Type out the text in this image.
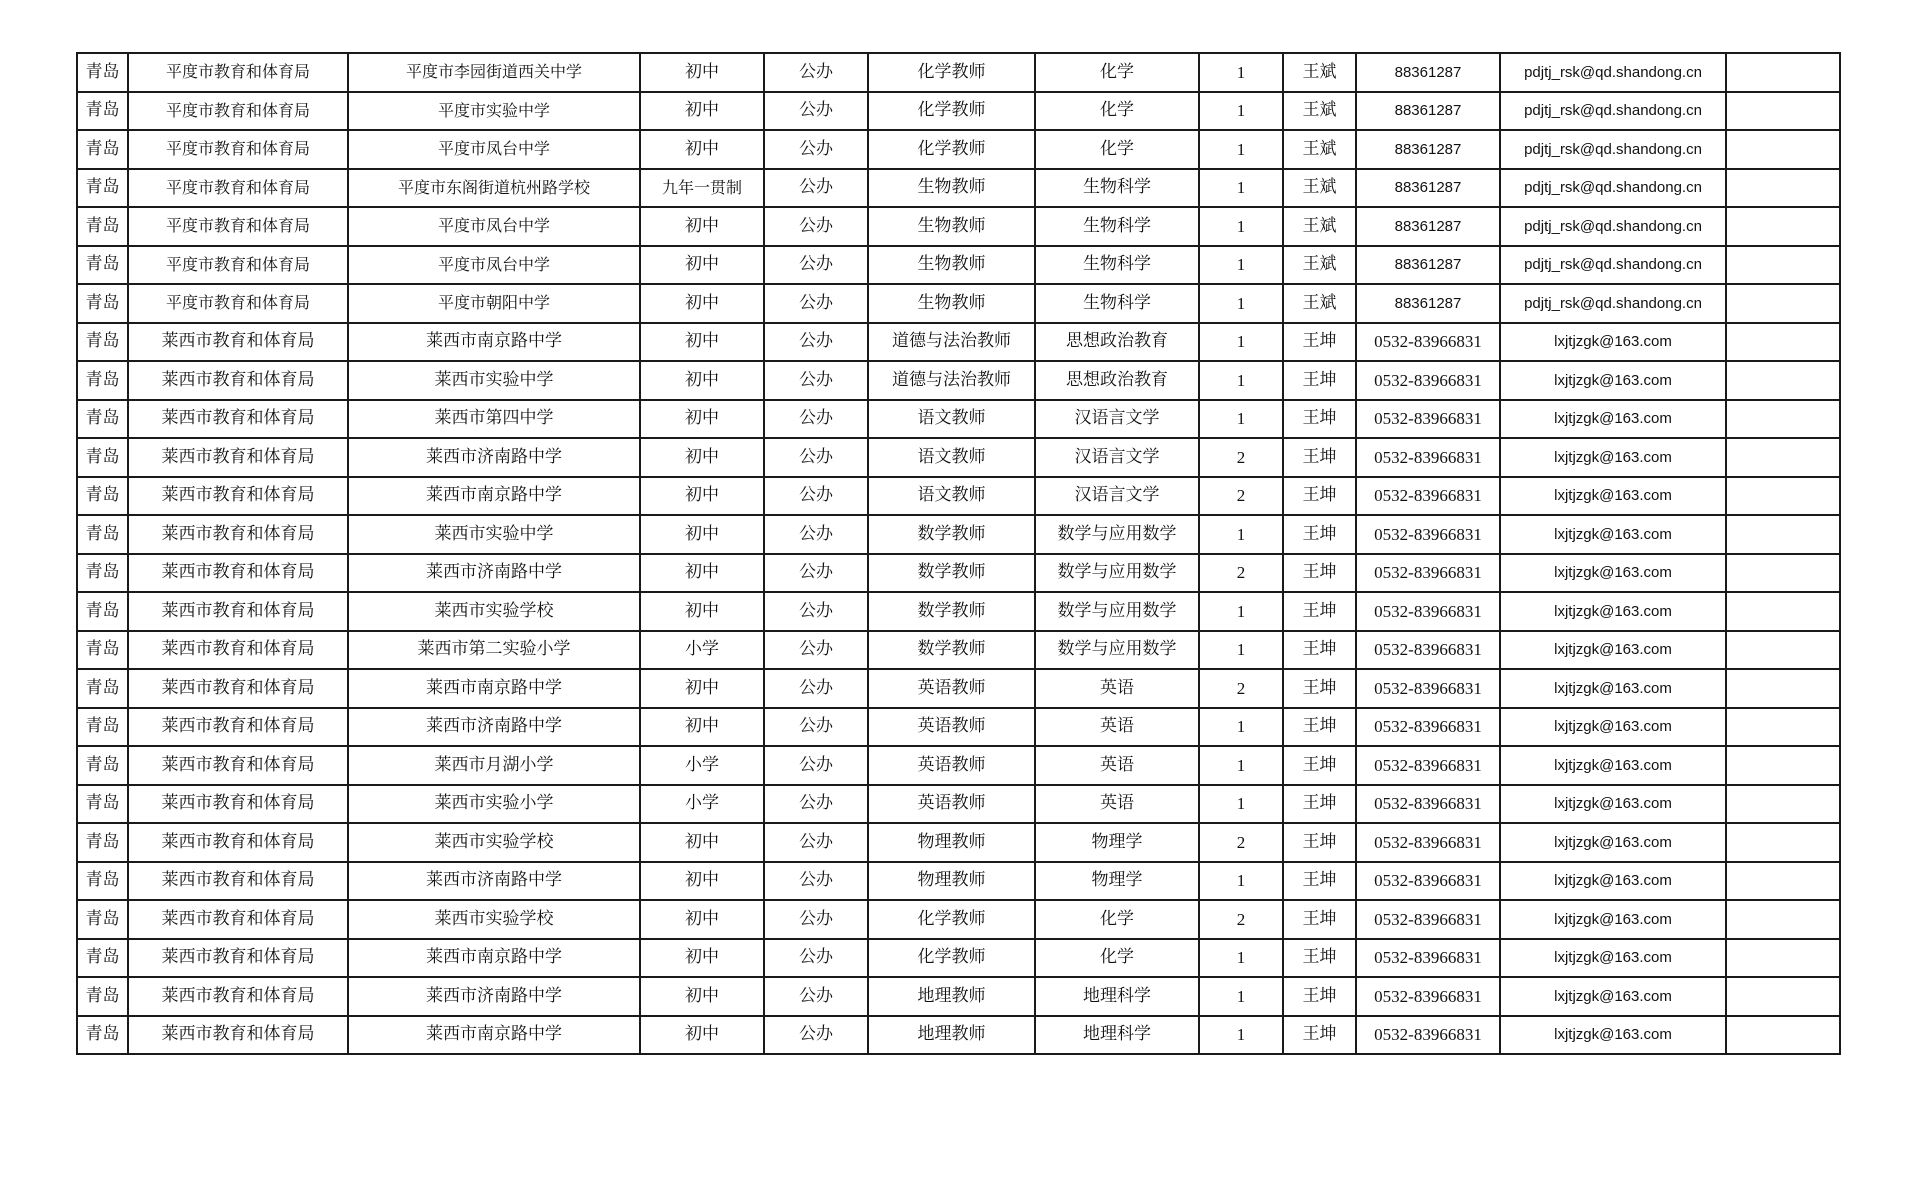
青岛	平度市教育和体育局	平度市李园街道西关中学	初中	公办	化学教师	化学	1	王斌	88361287	pdjtj_rsk@qd.shandong.cn	
青岛	平度市教育和体育局	平度市实验中学	初中	公办	化学教师	化学	1	王斌	88361287	pdjtj_rsk@qd.shandong.cn	
青岛	平度市教育和体育局	平度市凤台中学	初中	公办	化学教师	化学	1	王斌	88361287	pdjtj_rsk@qd.shandong.cn	
青岛	平度市教育和体育局	平度市东阁街道杭州路学校	九年一贯制	公办	生物教师	生物科学	1	王斌	88361287	pdjtj_rsk@qd.shandong.cn	
青岛	平度市教育和体育局	平度市凤台中学	初中	公办	生物教师	生物科学	1	王斌	88361287	pdjtj_rsk@qd.shandong.cn	
青岛	平度市教育和体育局	平度市凤台中学	初中	公办	生物教师	生物科学	1	王斌	88361287	pdjtj_rsk@qd.shandong.cn	
青岛	平度市教育和体育局	平度市朝阳中学	初中	公办	生物教师	生物科学	1	王斌	88361287	pdjtj_rsk@qd.shandong.cn	
青岛	莱西市教育和体育局	莱西市南京路中学	初中	公办	道德与法治教师	思想政治教育	1	王坤	0532-83966831	lxjtjzgk@163.com	
青岛	莱西市教育和体育局	莱西市实验中学	初中	公办	道德与法治教师	思想政治教育	1	王坤	0532-83966831	lxjtjzgk@163.com	
青岛	莱西市教育和体育局	莱西市第四中学	初中	公办	语文教师	汉语言文学	1	王坤	0532-83966831	lxjtjzgk@163.com	
青岛	莱西市教育和体育局	莱西市济南路中学	初中	公办	语文教师	汉语言文学	2	王坤	0532-83966831	lxjtjzgk@163.com	
青岛	莱西市教育和体育局	莱西市南京路中学	初中	公办	语文教师	汉语言文学	2	王坤	0532-83966831	lxjtjzgk@163.com	
青岛	莱西市教育和体育局	莱西市实验中学	初中	公办	数学教师	数学与应用数学	1	王坤	0532-83966831	lxjtjzgk@163.com	
青岛	莱西市教育和体育局	莱西市济南路中学	初中	公办	数学教师	数学与应用数学	2	王坤	0532-83966831	lxjtjzgk@163.com	
青岛	莱西市教育和体育局	莱西市实验学校	初中	公办	数学教师	数学与应用数学	1	王坤	0532-83966831	lxjtjzgk@163.com	
青岛	莱西市教育和体育局	莱西市第二实验小学	小学	公办	数学教师	数学与应用数学	1	王坤	0532-83966831	lxjtjzgk@163.com	
青岛	莱西市教育和体育局	莱西市南京路中学	初中	公办	英语教师	英语	2	王坤	0532-83966831	lxjtjzgk@163.com	
青岛	莱西市教育和体育局	莱西市济南路中学	初中	公办	英语教师	英语	1	王坤	0532-83966831	lxjtjzgk@163.com	
青岛	莱西市教育和体育局	莱西市月湖小学	小学	公办	英语教师	英语	1	王坤	0532-83966831	lxjtjzgk@163.com	
青岛	莱西市教育和体育局	莱西市实验小学	小学	公办	英语教师	英语	1	王坤	0532-83966831	lxjtjzgk@163.com	
青岛	莱西市教育和体育局	莱西市实验学校	初中	公办	物理教师	物理学	2	王坤	0532-83966831	lxjtjzgk@163.com	
青岛	莱西市教育和体育局	莱西市济南路中学	初中	公办	物理教师	物理学	1	王坤	0532-83966831	lxjtjzgk@163.com	
青岛	莱西市教育和体育局	莱西市实验学校	初中	公办	化学教师	化学	2	王坤	0532-83966831	lxjtjzgk@163.com	
青岛	莱西市教育和体育局	莱西市南京路中学	初中	公办	化学教师	化学	1	王坤	0532-83966831	lxjtjzgk@163.com	
青岛	莱西市教育和体育局	莱西市济南路中学	初中	公办	地理教师	地理科学	1	王坤	0532-83966831	lxjtjzgk@163.com	
青岛	莱西市教育和体育局	莱西市南京路中学	初中	公办	地理教师	地理科学	1	王坤	0532-83966831	lxjtjzgk@163.com	
